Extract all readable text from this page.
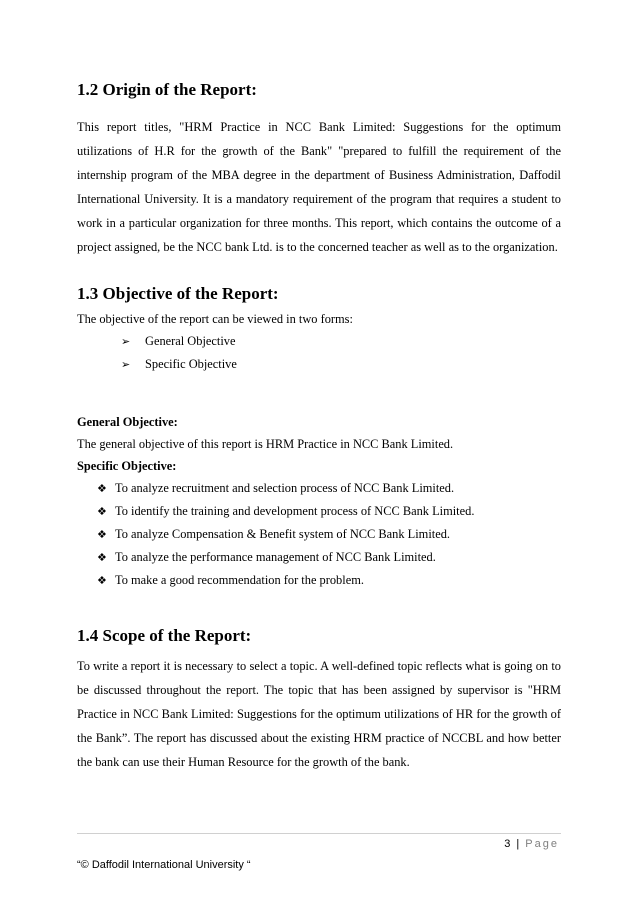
1.2 Origin of the Report:

This report titles, "HRM Practice in NCC Bank Limited: Suggestions for the optimum utilizations of H.R for the growth of the Bank" "prepared to fulfill the requirement of the internship program of the MBA degree in the department of Business Administration, Daffodil International University. It is a mandatory requirement of the program that requires a student to work in a particular organization for three months. This report, which contains the outcome of a project assigned, be the NCC bank Ltd. is to the concerned teacher as well as to the organization.

1.3 Objective of the Report:

The objective of the report can be viewed in two forms:

➢	General Objective
➢	Specific Objective
General Objective:

The general objective of this report is HRM Practice in NCC Bank Limited.

Specific Objective:
❖ To analyze recruitment and selection process of NCC Bank Limited.
❖ To identify the training and development process of NCC Bank Limited.
❖ To analyze Compensation & Benefit system of NCC Bank Limited.
❖ To analyze the performance management of NCC Bank Limited.
❖ To make a good recommendation for the problem.
1.4 Scope of the Report:

To write a report it is necessary to select a topic. A well-defined topic reflects what is going on to be discussed throughout the report. The topic that has been assigned by supervisor is "HRM Practice in NCC Bank Limited: Suggestions for the optimum utilizations of HR for the growth of the Bank”. The report has discussed about the existing HRM practice of NCCBL and how better the bank can use their Human Resource for the growth of the bank.

3 | Page
“© Daffodil International University “
